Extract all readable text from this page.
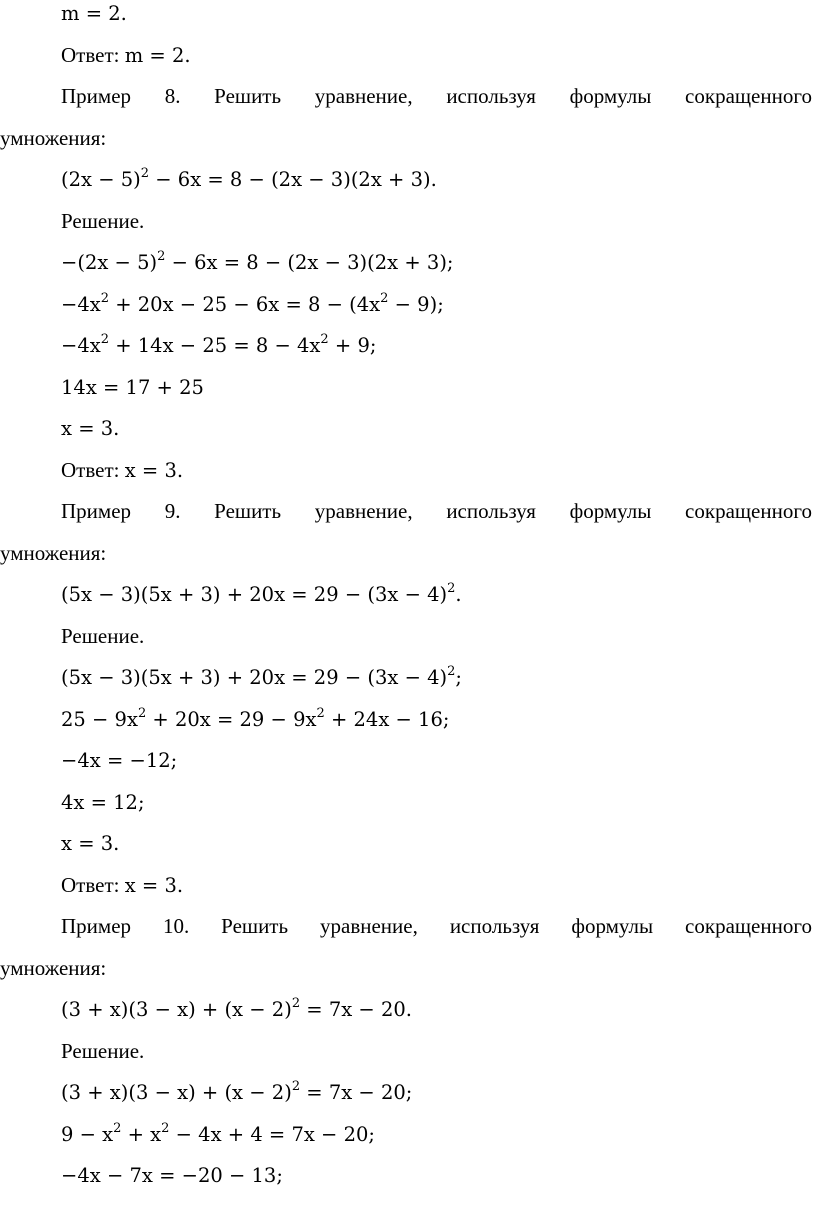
m = 2.
Ответ: m = 2.
Пример 8. Решить уравнение, используя формулы сокращенного
умножения:
$(2x - 5)^2 - 6x = 8 - (2x - 3)(2x + 3)$.
Решение.
$-(2x - 5)^2 - 6x = 8 - (2x - 3)(2x + 3)$;
$-4x^2 + 20x - 25 - 6x = 8 - (4x^2 - 9)$;
$-4x^2 + 14x - 25 = 8 - 4x^2 + 9$;
14x = 17 + 25
x = 3.
Ответ: x = 3.
Пример 9. Решить уравнение, используя формулы сокращенного
умножения:
$(5x - 3)(5x + 3) + 20x = 29 - (3x - 4)^2$.
Решение.
$(5x - 3)(5x + 3) + 20x = 29 - (3x - 4)^2$;
$25 - 9x^2 + 20x = 29 - 9x^2 + 24x - 16$;
−4x = −12;
4x = 12;
x = 3.
Ответ: x = 3.
Пример 10. Решить уравнение, используя формулы сокращенного
умножения:
$(3 + x)(3 - x) + (x - 2)^2 = 7x - 20$.
Решение.
$(3 + x)(3 - x) + (x - 2)^2 = 7x - 20$;
$9 - x^2 + x^2 - 4x + 4 = 7x - 20$;
−4x − 7x = −20 − 13;
